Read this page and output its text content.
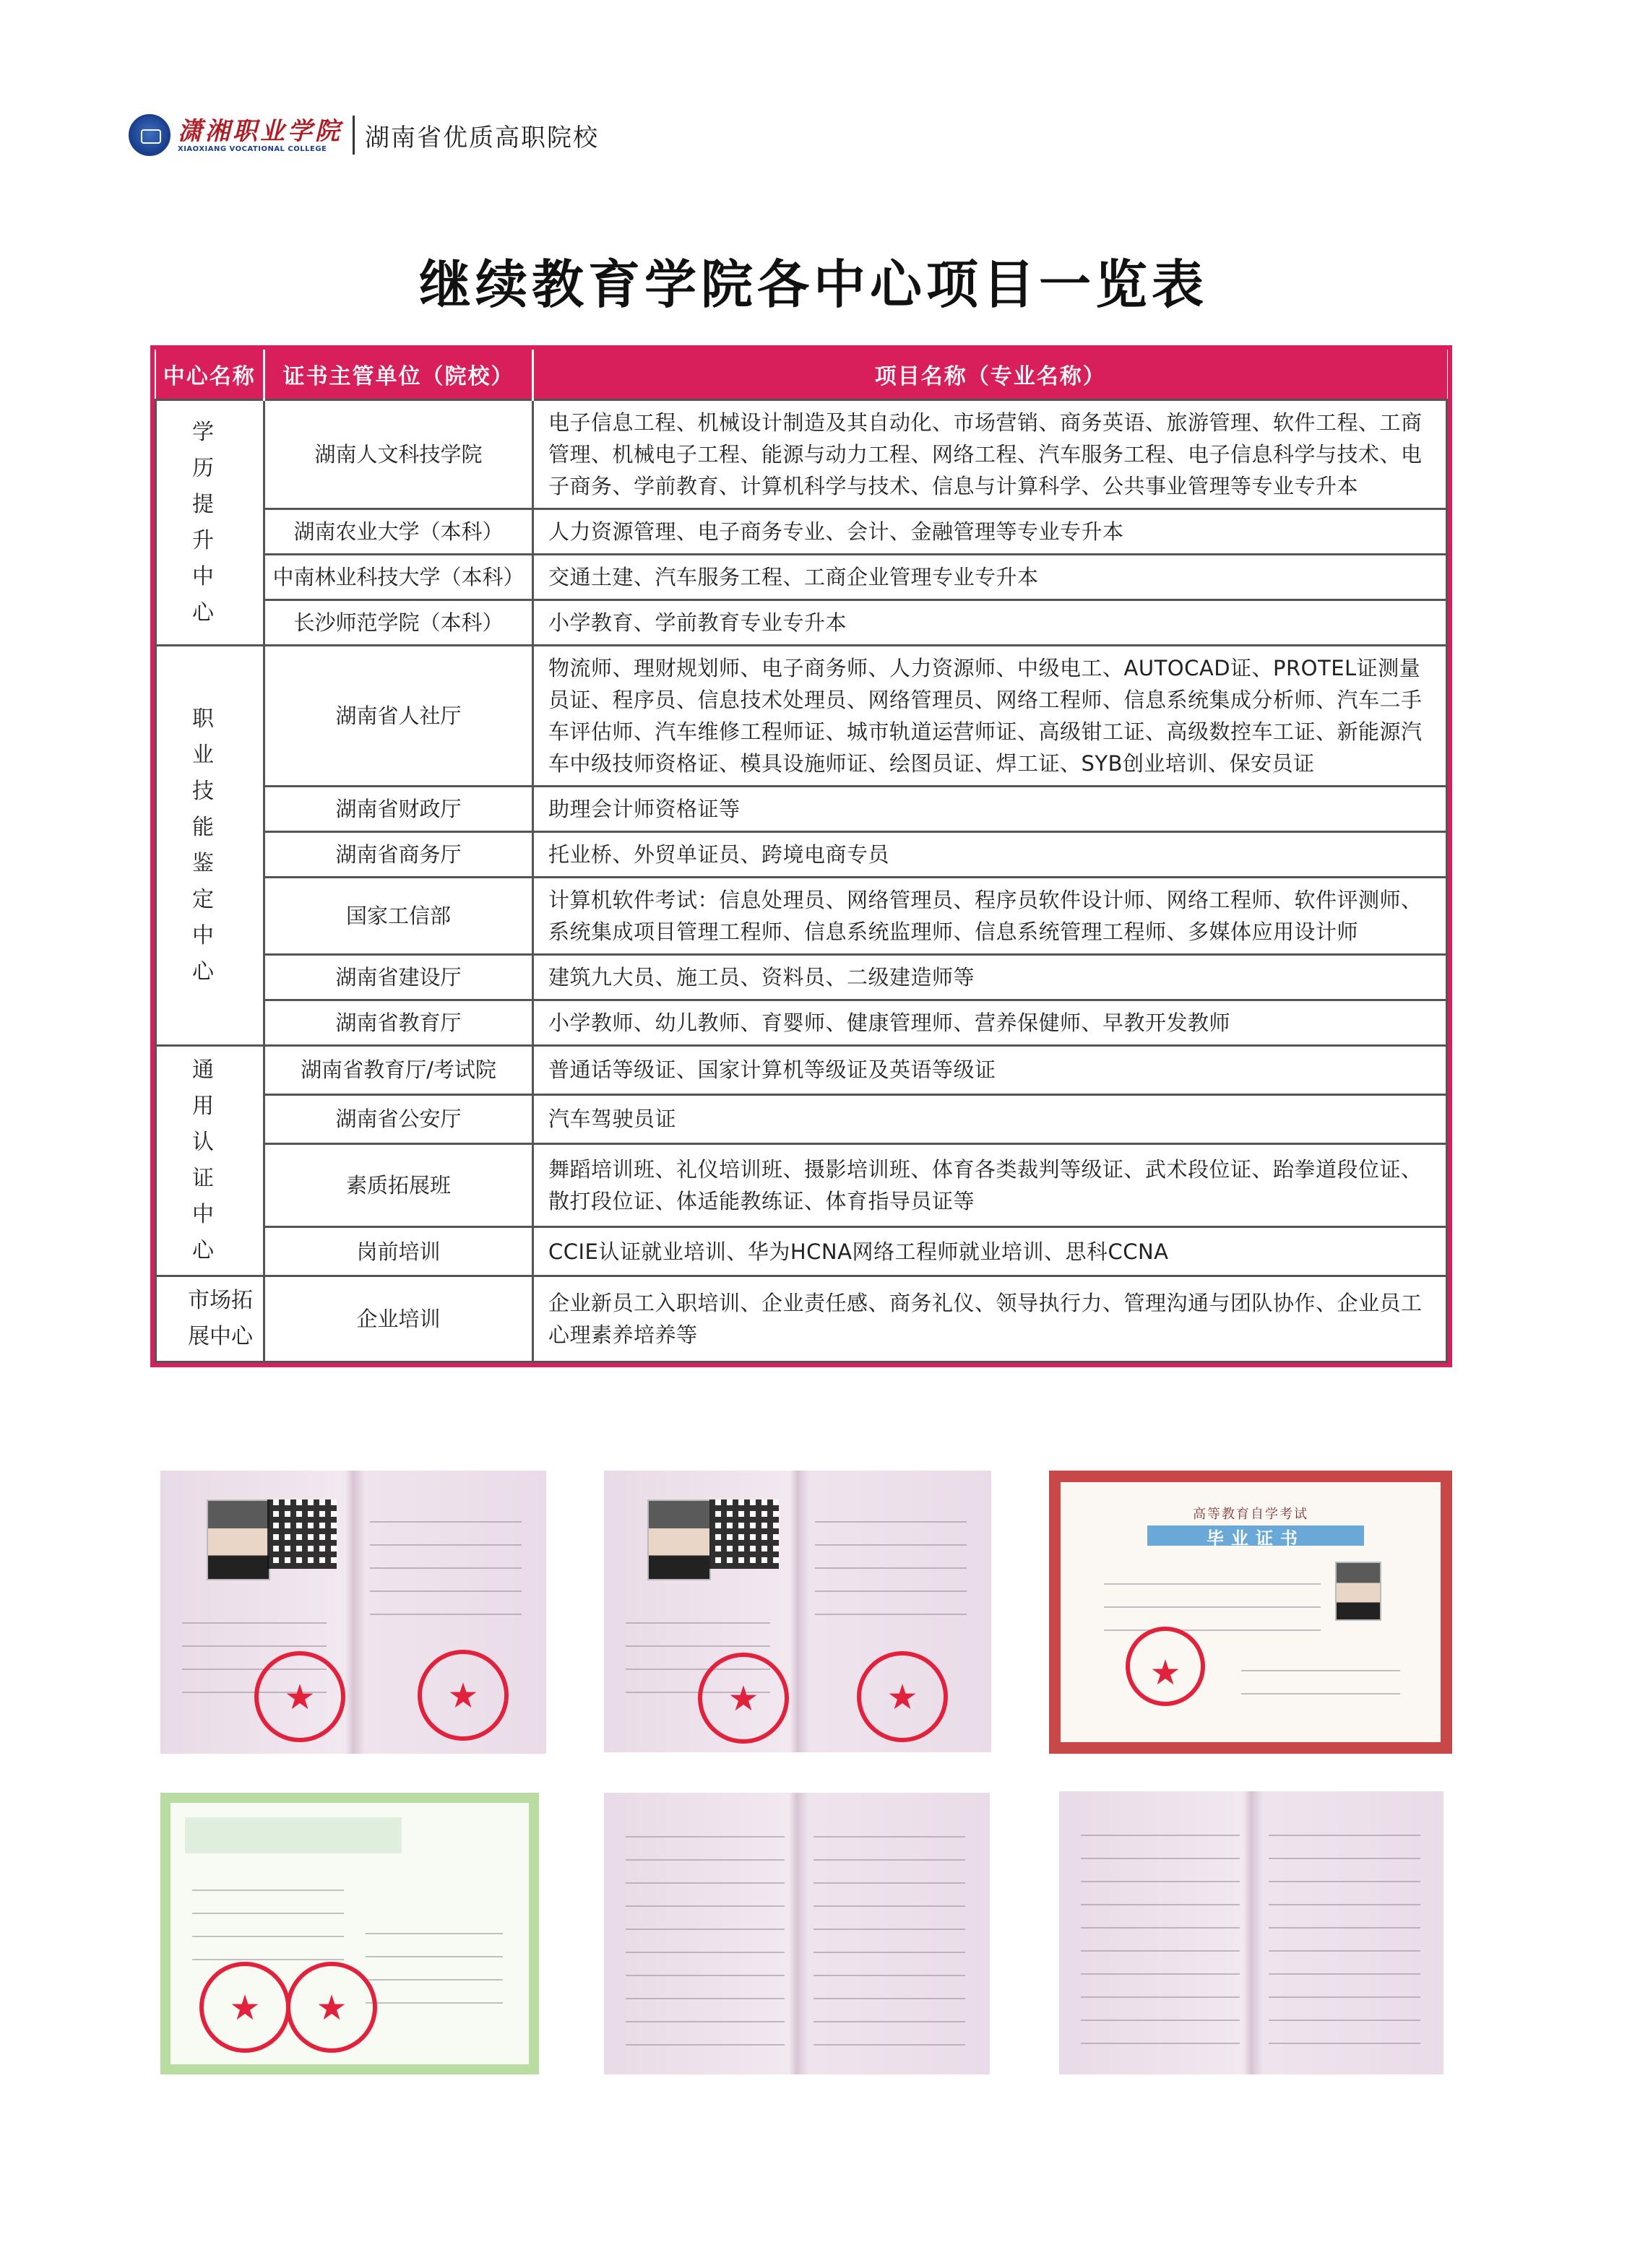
潇湘职业学院
XIAOXIANG VOCATIONAL COLLEGE	湖南省优质高职院校
继续教育学院各中心项目一览表
中心名称	证书主管单位（院校）	项目名称（专业名称）
学历提升中心	湖南人文科技学院	电子信息工程、机械设计制造及其自动化、市场营销、商务英语、旅游管理、软件工程、工商管理、机械电子工程、能源与动力工程、网络工程、汽车服务工程、电子信息科学与技术、电子商务、学前教育、计算机科学与技术、信息与计算科学、公共事业管理等专业专升本
	湖南农业大学（本科）	人力资源管理、电子商务专业、会计、金融管理等专业专升本
	中南林业科技大学（本科）	交通土建、汽车服务工程、工商企业管理专业专升本
	长沙师范学院（本科）	小学教育、学前教育专业专升本
职业技能鉴定中心	湖南省人社厅	物流师、理财规划师、电子商务师、人力资源师、中级电工、AUTOCAD证、PROTEL证测量员证、程序员、信息技术处理员、网络管理员、网络工程师、信息系统集成分析师、汽车二手车评估师、汽车维修工程师证、城市轨道运营师证、高级钳工证、高级数控车工证、新能源汽车中级技师资格证、模具设施师证、绘图员证、焊工证、SYB创业培训、保安员证
	湖南省财政厅	助理会计师资格证等
	湖南省商务厅	托业桥、外贸单证员、跨境电商专员
	国家工信部	计算机软件考试：信息处理员、网络管理员、程序员软件设计师、网络工程师、软件评测师、系统集成项目管理工程师、信息系统监理师、信息系统管理工程师、多媒体应用设计师
	湖南省建设厅	建筑九大员、施工员、资料员、二级建造师等
	湖南省教育厅	小学教师、幼儿教师、育婴师、健康管理师、营养保健师、早教开发教师
通用认证中心	湖南省教育厅/考试院	普通话等级证、国家计算机等级证及英语等级证
	湖南省公安厅	汽车驾驶员证
	素质拓展班	舞蹈培训班、礼仪培训班、摄影培训班、体育各类裁判等级证、武术段位证、跆拳道段位证、散打段位证、体适能教练证、体育指导员证等
	岗前培训	CCIE认证就业培训、华为HCNA网络工程师就业培训、思科CCNA
市场拓展中心	企业培训	企业新员工入职培训、企业责任感、商务礼仪、领导执行力、管理沟通与团队协作、企业员工心理素养培养等
★
★
★
★
高等教育自学考试
毕业证书
★
★
★
